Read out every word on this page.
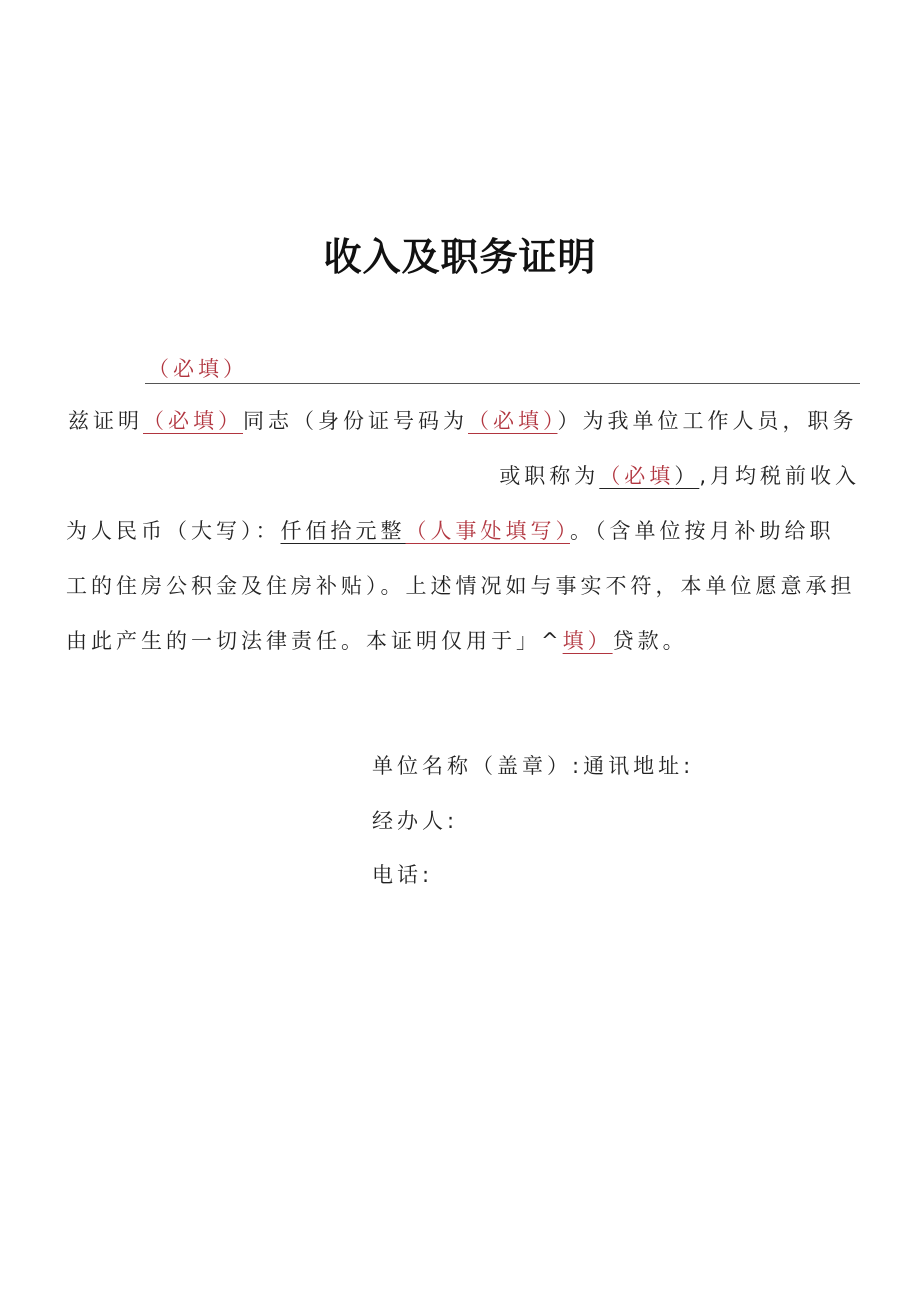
收入及职务证明
（必填）
兹证明（必填）同志（身份证号码为（必填））为我单位工作人员，职务
或职称为（必填）,月均税前收入
为人民币（大写）：仟佰拾元整（人事处填写）。（含单位按月补助给职
工的住房公积金及住房补贴）。上述情况如与事实不符，本单位愿意承担
由此产生的一切法律责任。本证明仅用于」^填）贷款。
单位名称（盖章）:通讯地址:
经办人:
电话:
